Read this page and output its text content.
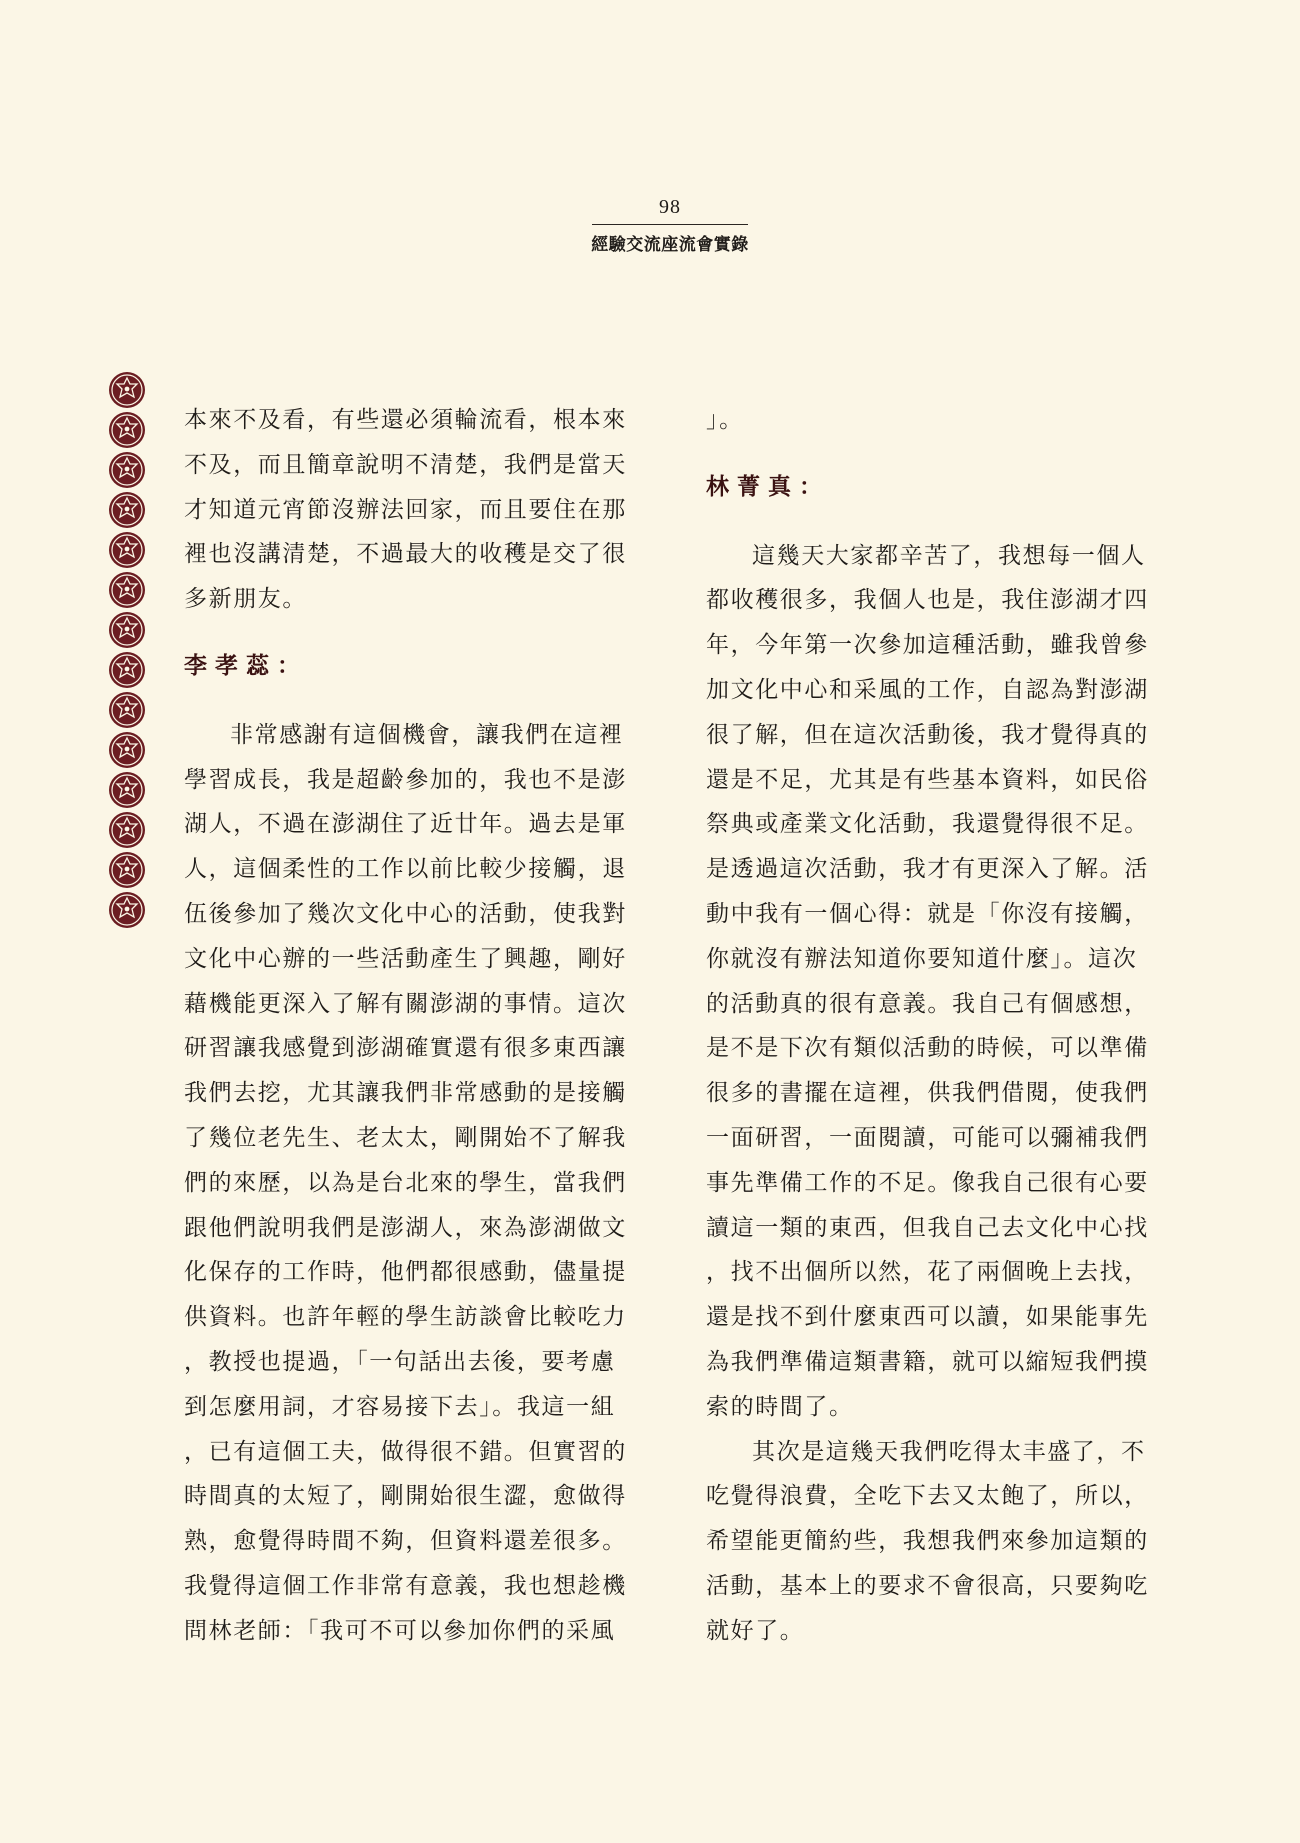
98
經驗交流座流會實錄
本來不及看，有些還必須輪流看，根本來
不及，而且簡章說明不清楚，我們是當天
才知道元宵節沒辦法回家，而且要住在那
裡也沒講清楚，不過最大的收穫是交了很
多新朋友。
李孝蕊：
非常感謝有這個機會，讓我們在這裡
學習成長，我是超齡參加的，我也不是澎
湖人，不過在澎湖住了近廿年。過去是軍
人，這個柔性的工作以前比較少接觸，退
伍後參加了幾次文化中心的活動，使我對
文化中心辦的一些活動產生了興趣，剛好
藉機能更深入了解有關澎湖的事情。這次
研習讓我感覺到澎湖確實還有很多東西讓
我們去挖，尤其讓我們非常感動的是接觸
了幾位老先生、老太太，剛開始不了解我
們的來歷，以為是台北來的學生，當我們
跟他們說明我們是澎湖人，來為澎湖做文
化保存的工作時，他們都很感動，儘量提
供資料。也許年輕的學生訪談會比較吃力
，教授也提過，「一句話出去後，要考慮
到怎麼用詞，才容易接下去」。我這一組
，已有這個工夫，做得很不錯。但實習的
時間真的太短了，剛開始很生澀，愈做得
熟，愈覺得時間不夠，但資料還差很多。
我覺得這個工作非常有意義，我也想趁機
問林老師：「我可不可以參加你們的采風
」。
林菁真：
這幾天大家都辛苦了，我想每一個人
都收穫很多，我個人也是，我住澎湖才四
年，今年第一次參加這種活動，雖我曾參
加文化中心和采風的工作，自認為對澎湖
很了解，但在這次活動後，我才覺得真的
還是不足，尤其是有些基本資料，如民俗
祭典或產業文化活動，我還覺得很不足。
是透過這次活動，我才有更深入了解。活
動中我有一個心得：就是「你沒有接觸，
你就沒有辦法知道你要知道什麼」。這次
的活動真的很有意義。我自己有個感想，
是不是下次有類似活動的時候，可以準備
很多的書擺在這裡，供我們借閱，使我們
一面研習，一面閱讀，可能可以彌補我們
事先準備工作的不足。像我自己很有心要
讀這一類的東西，但我自己去文化中心找
，找不出個所以然，花了兩個晚上去找，
還是找不到什麼東西可以讀，如果能事先
為我們準備這類書籍，就可以縮短我們摸
索的時間了。
其次是這幾天我們吃得太丰盛了，不
吃覺得浪費，全吃下去又太飽了，所以，
希望能更簡約些，我想我們來參加這類的
活動，基本上的要求不會很高，只要夠吃
就好了。
